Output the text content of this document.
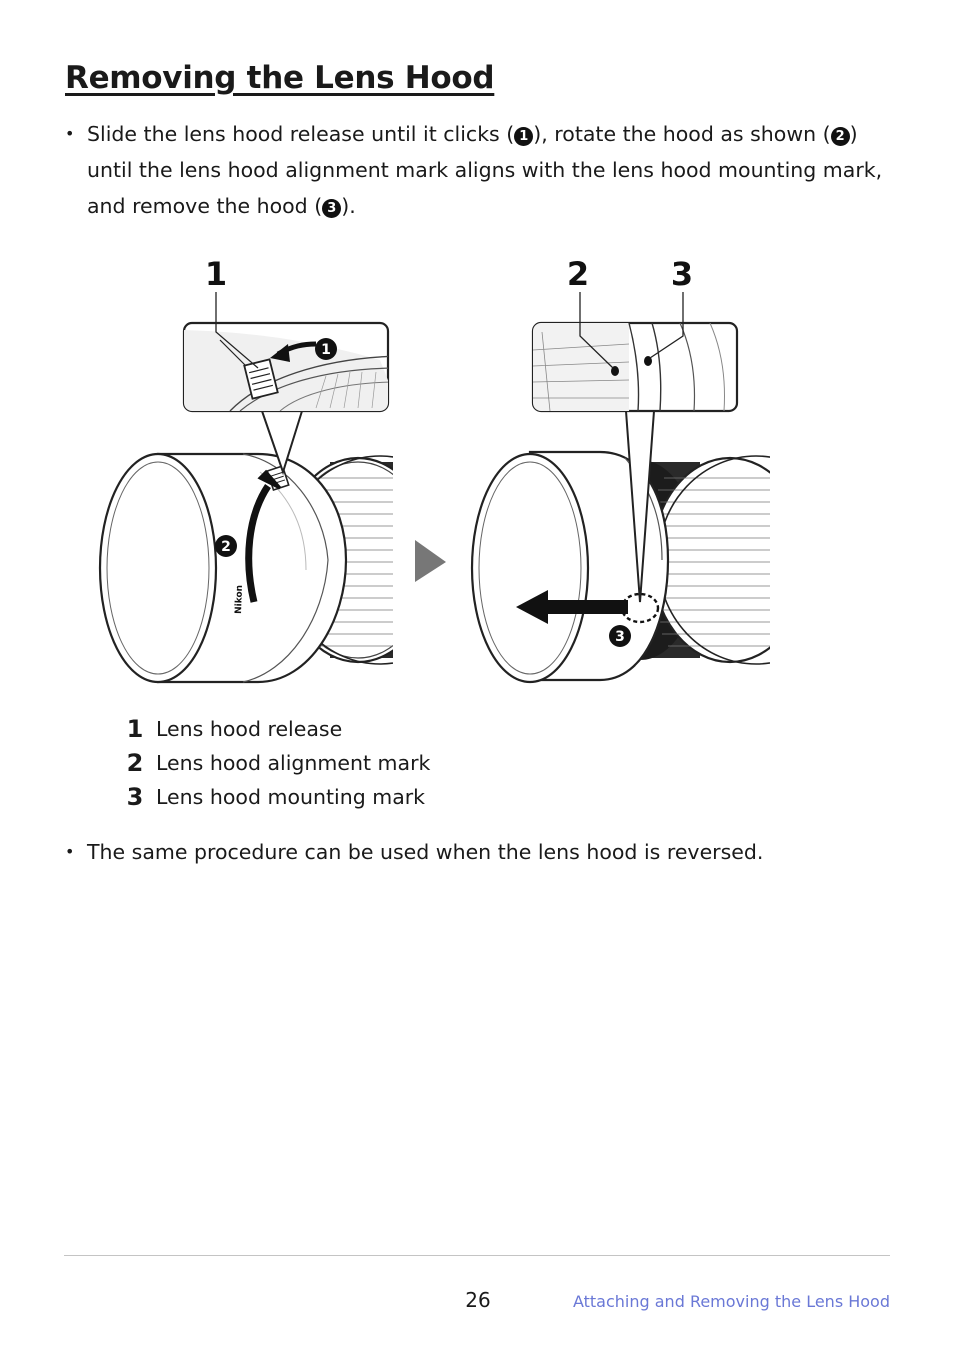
Removing the Lens Hood
• Slide the lens hood release until it clicks ( 1 ), rotate the hood as shown ( 2 ) until the lens hood alignment mark aligns with the lens hood mounting mark, and remove the hood ( 3 ).
Nikon
2
1
1
3
2	3
1 Lens hood release
2 Lens hood alignment mark
3 Lens hood mounting mark
• The same procedure can be used when the lens hood is reversed.
26	Attaching and Removing the Lens Hood
